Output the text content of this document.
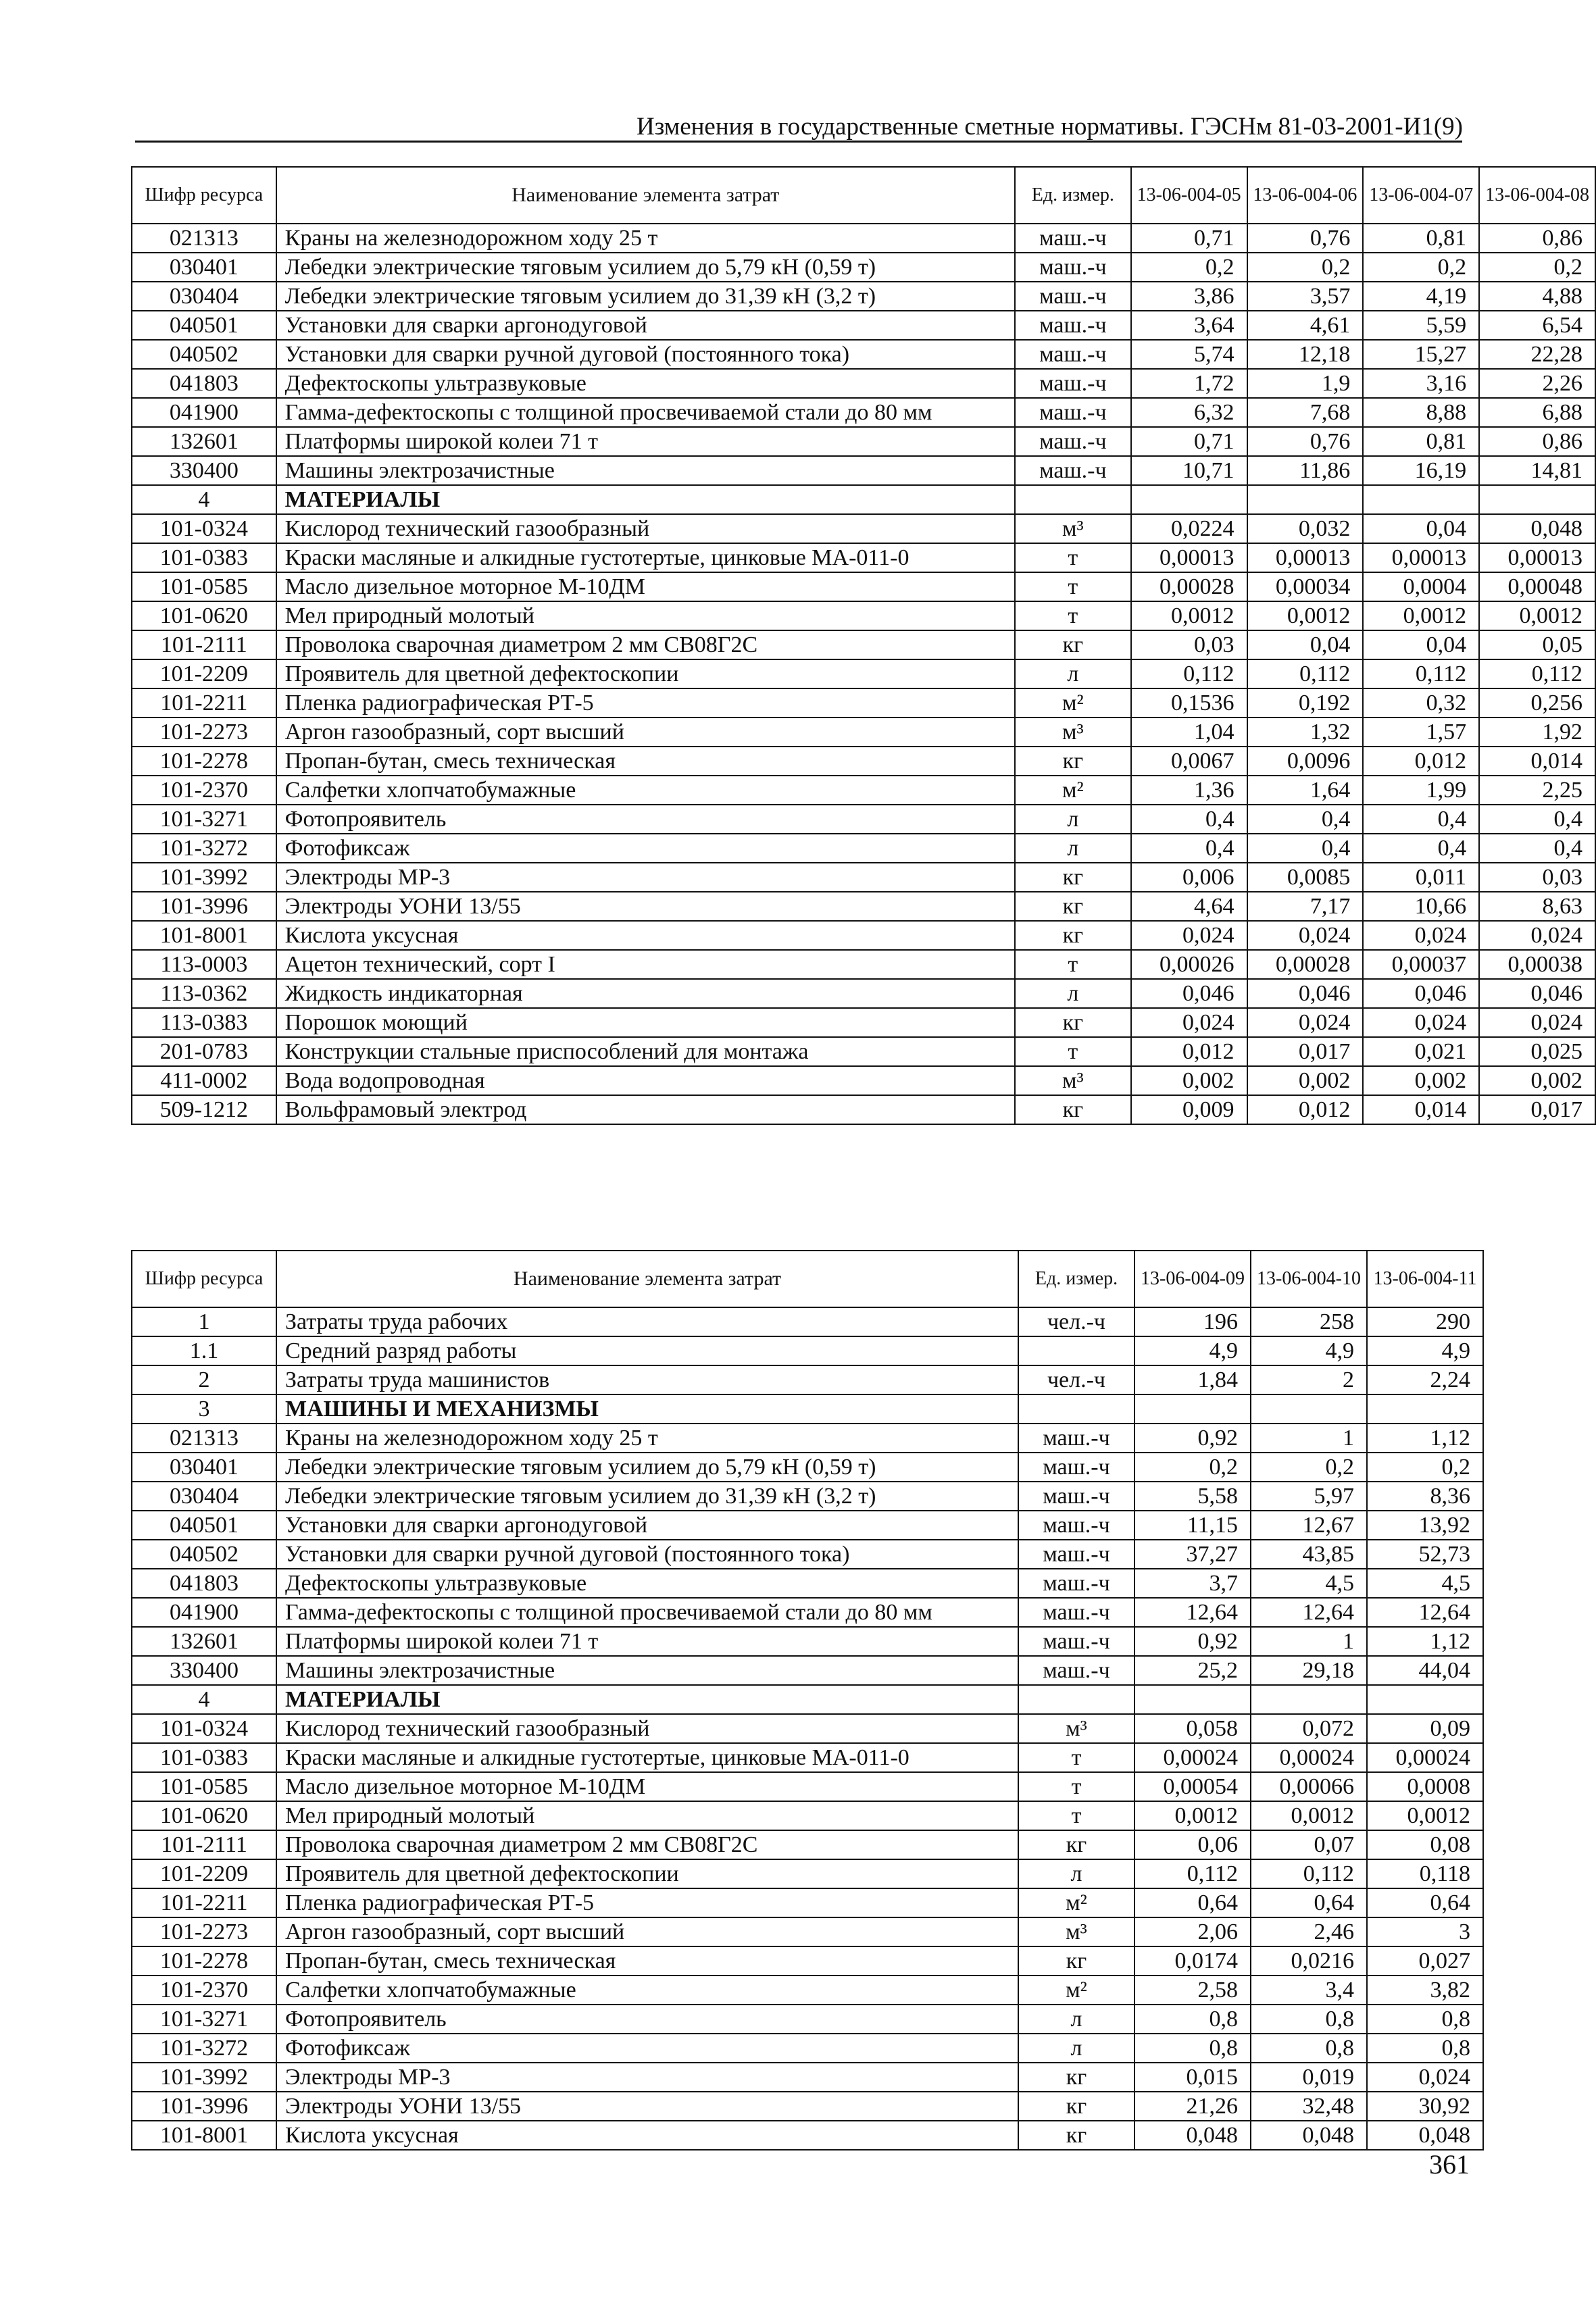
Изменения в государственные сметные нормативы. ГЭСНм 81-03-2001-И1(9)
Шифр ресурса	Наименование элемента затрат	Ед. измер.	13-06-004-05	13-06-004-06	13-06-004-07	13-06-004-08
021313	Краны на железнодорожном ходу 25 т	маш.-ч	0,71	0,76	0,81	0,86
030401	Лебедки электрические тяговым усилием до 5,79 кН (0,59 т)	маш.-ч	0,2	0,2	0,2	0,2
030404	Лебедки электрические тяговым усилием до 31,39 кН (3,2 т)	маш.-ч	3,86	3,57	4,19	4,88
040501	Установки для сварки аргонодуговой	маш.-ч	3,64	4,61	5,59	6,54
040502	Установки для сварки ручной дуговой (постоянного тока)	маш.-ч	5,74	12,18	15,27	22,28
041803	Дефектоскопы ультразвуковые	маш.-ч	1,72	1,9	3,16	2,26
041900	Гамма-дефектоскопы с толщиной просвечиваемой стали до 80 мм	маш.-ч	6,32	7,68	8,88	6,88
132601	Платформы широкой колеи 71 т	маш.-ч	0,71	0,76	0,81	0,86
330400	Машины электрозачистные	маш.-ч	10,71	11,86	16,19	14,81
4	МАТЕРИАЛЫ					
101-0324	Кислород технический газообразный	м³	0,0224	0,032	0,04	0,048
101-0383	Краски масляные и алкидные густотертые, цинковые МА-011-0	т	0,00013	0,00013	0,00013	0,00013
101-0585	Масло дизельное моторное М-10ДМ	т	0,00028	0,00034	0,0004	0,00048
101-0620	Мел природный молотый	т	0,0012	0,0012	0,0012	0,0012
101-2111	Проволока сварочная диаметром 2 мм СВ08Г2С	кг	0,03	0,04	0,04	0,05
101-2209	Проявитель для цветной дефектоскопии	л	0,112	0,112	0,112	0,112
101-2211	Пленка радиографическая РТ-5	м²	0,1536	0,192	0,32	0,256
101-2273	Аргон газообразный, сорт высший	м³	1,04	1,32	1,57	1,92
101-2278	Пропан-бутан, смесь техническая	кг	0,0067	0,0096	0,012	0,014
101-2370	Салфетки хлопчатобумажные	м²	1,36	1,64	1,99	2,25
101-3271	Фотопроявитель	л	0,4	0,4	0,4	0,4
101-3272	Фотофиксаж	л	0,4	0,4	0,4	0,4
101-3992	Электроды МР-3	кг	0,006	0,0085	0,011	0,03
101-3996	Электроды УОНИ 13/55	кг	4,64	7,17	10,66	8,63
101-8001	Кислота уксусная	кг	0,024	0,024	0,024	0,024
113-0003	Ацетон технический, сорт I	т	0,00026	0,00028	0,00037	0,00038
113-0362	Жидкость индикаторная	л	0,046	0,046	0,046	0,046
113-0383	Порошок моющий	кг	0,024	0,024	0,024	0,024
201-0783	Конструкции стальные приспособлений для монтажа	т	0,012	0,017	0,021	0,025
411-0002	Вода водопроводная	м³	0,002	0,002	0,002	0,002
509-1212	Вольфрамовый электрод	кг	0,009	0,012	0,014	0,017
Шифр ресурса	Наименование элемента затрат	Ед. измер.	13-06-004-09	13-06-004-10	13-06-004-11
1	Затраты труда рабочих	чел.-ч	196	258	290
1.1	Средний разряд работы		4,9	4,9	4,9
2	Затраты труда машинистов	чел.-ч	1,84	2	2,24
3	МАШИНЫ И МЕХАНИЗМЫ				
021313	Краны на железнодорожном ходу 25 т	маш.-ч	0,92	1	1,12
030401	Лебедки электрические тяговым усилием до 5,79 кН (0,59 т)	маш.-ч	0,2	0,2	0,2
030404	Лебедки электрические тяговым усилием до 31,39 кН (3,2 т)	маш.-ч	5,58	5,97	8,36
040501	Установки для сварки аргонодуговой	маш.-ч	11,15	12,67	13,92
040502	Установки для сварки ручной дуговой (постоянного тока)	маш.-ч	37,27	43,85	52,73
041803	Дефектоскопы ультразвуковые	маш.-ч	3,7	4,5	4,5
041900	Гамма-дефектоскопы с толщиной просвечиваемой стали до 80 мм	маш.-ч	12,64	12,64	12,64
132601	Платформы широкой колеи 71 т	маш.-ч	0,92	1	1,12
330400	Машины электрозачистные	маш.-ч	25,2	29,18	44,04
4	МАТЕРИАЛЫ				
101-0324	Кислород технический газообразный	м³	0,058	0,072	0,09
101-0383	Краски масляные и алкидные густотертые, цинковые МА-011-0	т	0,00024	0,00024	0,00024
101-0585	Масло дизельное моторное М-10ДМ	т	0,00054	0,00066	0,0008
101-0620	Мел природный молотый	т	0,0012	0,0012	0,0012
101-2111	Проволока сварочная диаметром 2 мм СВ08Г2С	кг	0,06	0,07	0,08
101-2209	Проявитель для цветной дефектоскопии	л	0,112	0,112	0,118
101-2211	Пленка радиографическая РТ-5	м²	0,64	0,64	0,64
101-2273	Аргон газообразный, сорт высший	м³	2,06	2,46	3
101-2278	Пропан-бутан, смесь техническая	кг	0,0174	0,0216	0,027
101-2370	Салфетки хлопчатобумажные	м²	2,58	3,4	3,82
101-3271	Фотопроявитель	л	0,8	0,8	0,8
101-3272	Фотофиксаж	л	0,8	0,8	0,8
101-3992	Электроды МР-3	кг	0,015	0,019	0,024
101-3996	Электроды УОНИ 13/55	кг	21,26	32,48	30,92
101-8001	Кислота уксусная	кг	0,048	0,048	0,048
361
